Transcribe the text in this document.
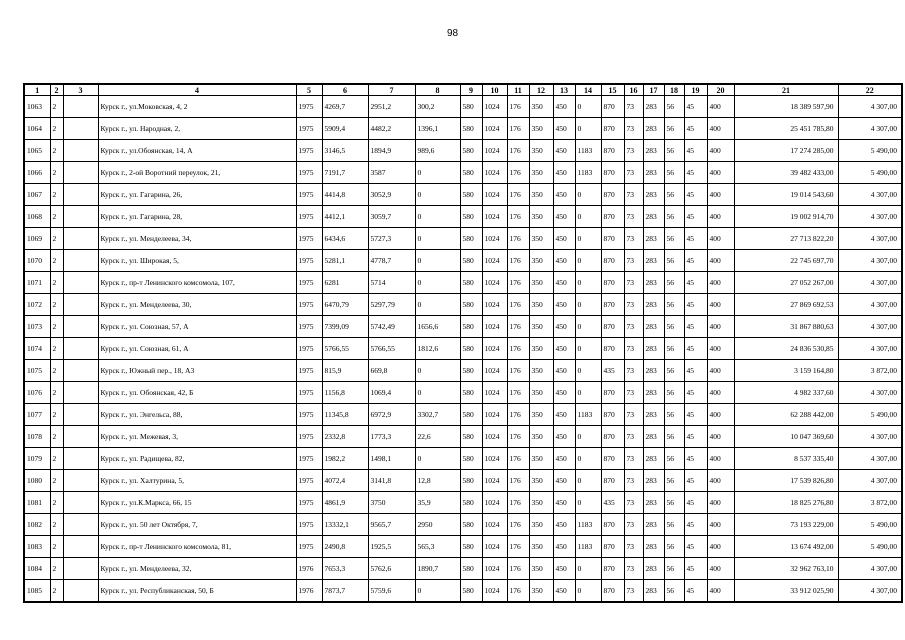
98
1	2	3	4	5	6	7	8	9	10	11	12	13	14	15	16	17	18	19	20	21	22
1063	2		Курск г., ул.Моковская, 4, 2	1975	4269,7	2951,2	300,2	580	1024	176	350	450	0	870	73	283	56	45	400	18 389 597,90	4 307,00
1064	2		Курск г., ул. Народная, 2,	1975	5909,4	4482,2	1396,1	580	1024	176	350	450	0	870	73	283	56	45	400	25 451 785,80	4 307,00
1065	2		Курск г., ул.Обоянская, 14, А	1975	3146,5	1894,9	989,6	580	1024	176	350	450	1183	870	73	283	56	45	400	17 274 285,00	5 490,00
1066	2		Курск г., 2-ой Воротний переулок, 21,	1975	7191,7	3587	0	580	1024	176	350	450	1183	870	73	283	56	45	400	39 482 433,00	5 490,00
1067	2		Курск г., ул. Гагарина, 26,	1975	4414,8	3052,9	0	580	1024	176	350	450	0	870	73	283	56	45	400	19 014 543,60	4 307,00
1068	2		Курск г., ул. Гагарина, 28,	1975	4412,1	3059,7	0	580	1024	176	350	450	0	870	73	283	56	45	400	19 002 914,70	4 307,00
1069	2		Курск г., ул. Менделеева, 34,	1975	6434,6	5727,3	0	580	1024	176	350	450	0	870	73	283	56	45	400	27 713 822,20	4 307,00
1070	2		Курск г., ул. Широкая, 5,	1975	5281,1	4778,7	0	580	1024	176	350	450	0	870	73	283	56	45	400	22 745 697,70	4 307,00
1071	2		Курск г., пр-т Ленинского комсомола, 107,	1975	6281	5714	0	580	1024	176	350	450	0	870	73	283	56	45	400	27 052 267,00	4 307,00
1072	2		Курск г., ул. Менделеева, 30,	1975	6470,79	5297,79	0	580	1024	176	350	450	0	870	73	283	56	45	400	27 869 692,53	4 307,00
1073	2		Курск г., ул. Союзная, 57, А	1975	7399,09	5742,49	1656,6	580	1024	176	350	450	0	870	73	283	56	45	400	31 867 880,63	4 307,00
1074	2		Курск г., ул. Союзная, 61, А	1975	5766,55	5766,55	1812,6	580	1024	176	350	450	0	870	73	283	56	45	400	24 836 530,85	4 307,00
1075	2		Курск г., Южный пер., 18, А3	1975	815,9	669,8	0	580	1024	176	350	450	0	435	73	283	56	45	400	3 159 164,80	3 872,00
1076	2		Курск г., ул. Обоянская, 42, Б	1975	1156,8	1069,4	0	580	1024	176	350	450	0	870	73	283	56	45	400	4 982 337,60	4 307,00
1077	2		Курск г., ул. Энгельса, 88,	1975	11345,8	6972,9	3302,7	580	1024	176	350	450	1183	870	73	283	56	45	400	62 288 442,00	5 490,00
1078	2		Курск г., ул. Межевая, 3,	1975	2332,8	1773,3	22,6	580	1024	176	350	450	0	870	73	283	56	45	400	10 047 369,60	4 307,00
1079	2		Курск г., ул. Радищева, 82,	1975	1982,2	1498,1	0	580	1024	176	350	450	0	870	73	283	56	45	400	8 537 335,40	4 307,00
1080	2		Курск г., ул. Халтурина, 5,	1975	4072,4	3141,8	12,8	580	1024	176	350	450	0	870	73	283	56	45	400	17 539 826,80	4 307,00
1081	2		Курск г., ул.К.Маркса, 66, 15	1975	4861,9	3750	35,9	580	1024	176	350	450	0	435	73	283	56	45	400	18 825 276,80	3 872,00
1082	2		Курск г., ул. 50 лет Октября, 7,	1975	13332,1	9565,7	2950	580	1024	176	350	450	1183	870	73	283	56	45	400	73 193 229,00	5 490,00
1083	2		Курск г., пр-т Ленинского комсомола, 81,	1975	2490,8	1925,5	565,3	580	1024	176	350	450	1183	870	73	283	56	45	400	13 674 492,00	5 490,00
1084	2		Курск г., ул. Менделеева, 32,	1976	7653,3	5762,6	1890,7	580	1024	176	350	450	0	870	73	283	56	45	400	32 962 763,10	4 307,00
1085	2		Курск г., ул. Республиканская, 50, Б	1976	7873,7	5759,6	0	580	1024	176	350	450	0	870	73	283	56	45	400	33 912 025,90	4 307,00
